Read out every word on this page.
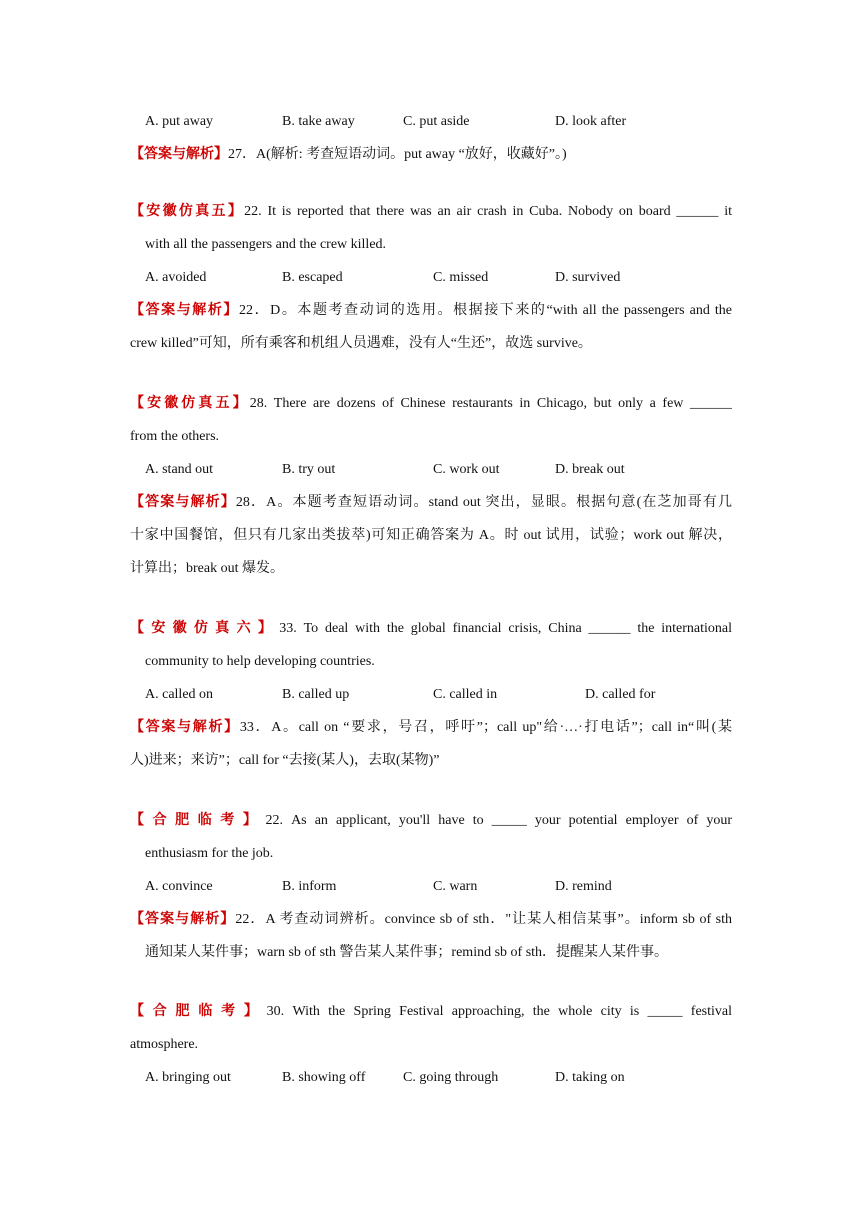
A. put away	B. take away	C. put aside	D. look after
【答案与解析】27．A(解析: 考查短语动词。put away “放好，收藏好”。)
【安徽仿真五】22. It is reported that there was an air crash in Cuba. Nobody on board ______ it
with all the passengers and the crew killed.
A. avoided	B. escaped	C. missed	D. survived
【答案与解析】22．D。本题考查动词的选用。根据接下来的“with all the passengers and the
crew killed”可知，所有乘客和机组人员遇难，没有人“生还”，故选 survive。
【安徽仿真五】28. There are dozens of Chinese restaurants in Chicago, but only a few ______
from the others.
A. stand out	B. try out	C. work out	D. break out
【答案与解析】28．A。本题考查短语动词。stand out 突出，显眼。根据句意(在芝加哥有几
十家中国餐馆，但只有几家出类拔萃)可知正确答案为 A。时 out 试用，试验；work out 解决，
计算出；break out 爆发。
【安徽仿真六】33. To deal with the global financial crisis, China ______ the international
community to help developing countries.
A. called on	B. called up	C. called in	D. called for
【答案与解析】33．A。call on “要求，号召，呼吁”；call up"给·…·打电话”；call in“叫(某
人)进来；来访”；call for “去接(某人)，去取(某物)”
【合肥临考】22. As an applicant, you'll have to _____ your potential employer of your
enthusiasm for the job.
A. convince	B. inform	C. warn	D. remind
【答案与解析】22．A 考查动词辨析。convince sb of sth．"让某人相信某事”。inform sb of sth
通知某人某件事；warn sb of sth 警告某人某件事；remind sb of sth．提醒某人某件事。
【合肥临考】30. With the Spring Festival approaching, the whole city is _____ festival
atmosphere.
A. bringing out	B. showing off	C. going through	D. taking on
